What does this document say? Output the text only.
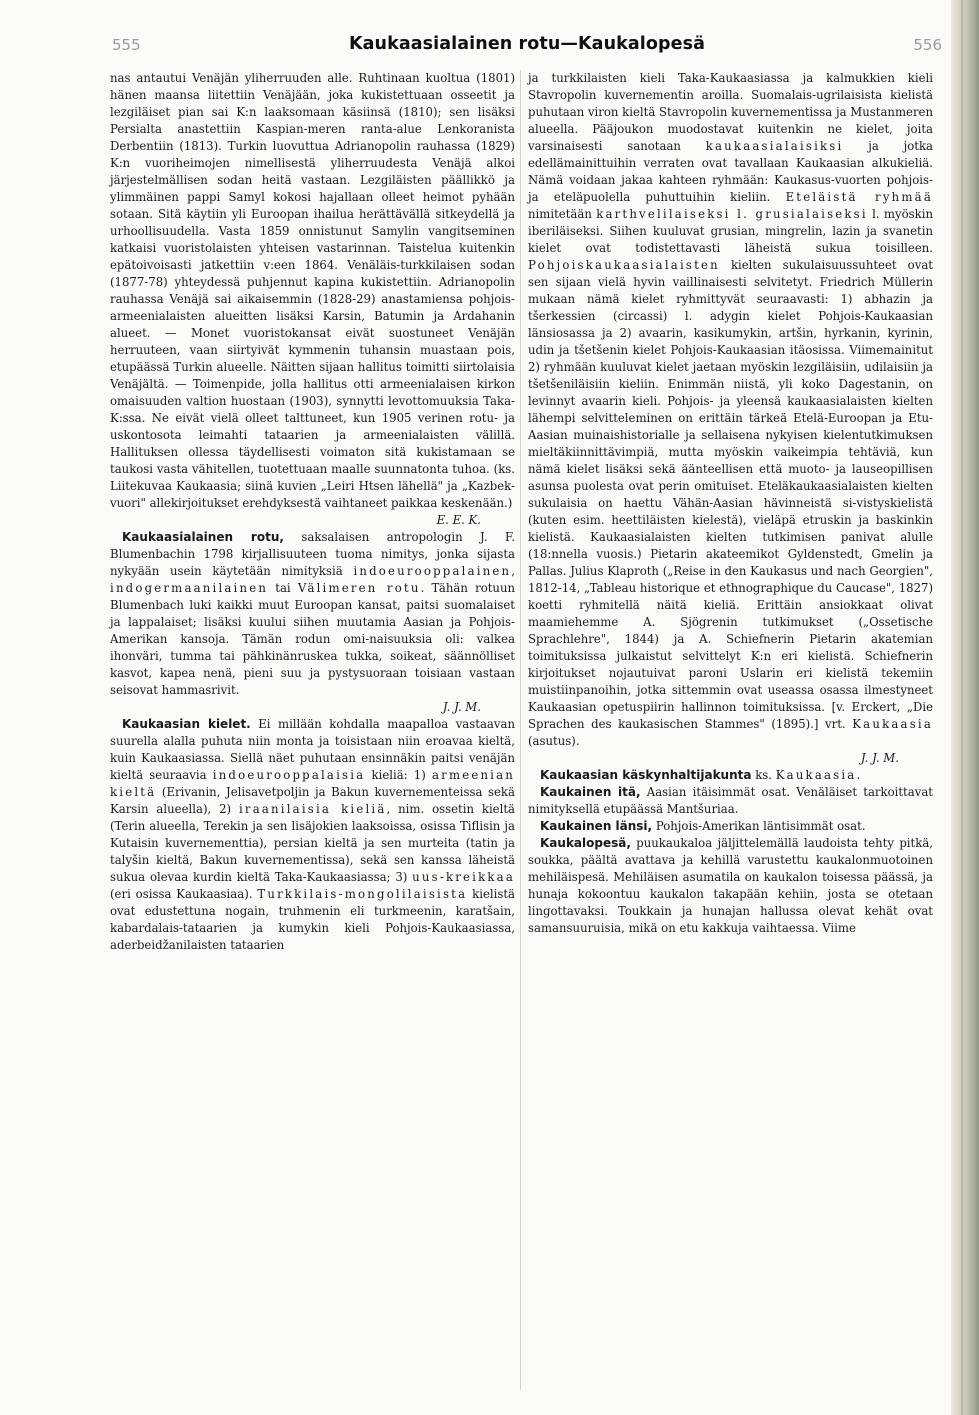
555	Kaukaasialainen rotu—Kaukalopesä	556

nas antautui Venäjän yliherruuden alle. Ruhtinaan kuoltua (1801) hänen maansa liitettiin Venäjään, joka kukistettuaan osseetit ja lezgiläiset pian sai K:n laaksomaan käsiinsä (1810); sen lisäksi Persialta anastettiin Kaspian-meren ranta-alue Lenkoranista Derbentiin (1813). Turkin luovuttua Adrianopolin rauhassa (1829) K:n vuoriheimojen nimellisestä yliherruudesta Venäjä alkoi järjestelmällisen sodan heitä vastaan. Lezgiläisten päällikkö ja ylimmäinen pappi Samyl kokosi hajallaan olleet heimot pyhään sotaan. Sitä käytiin yli Euroopan ihailua herättävällä sitkeydellä ja urhoollisuudella. Vasta 1859 onnistunut Samylin vangitseminen katkaisi vuoristolaisten yhteisen vastarinnan. Taistelua kuitenkin epätoivoisasti jatkettiin v:een 1864. Venäläis-turkkilaisen sodan (1877-78) yhteydessä puhjennut kapina kukistettiin. Adrianopolin rauhassa Venäjä sai aikaisemmin (1828-29) anastamiensa pohjois-armeenialaisten alueitten lisäksi Karsin, Batumin ja Ardahanin alueet. — Monet vuoristokansat eivät suostuneet Venäjän herruuteen, vaan siirtyivät kymmenin tuhansin muastaan pois, etupäässä Turkin alueelle. Näitten sijaan hallitus toimitti siirtolaisia Venäjältä. — Toimenpide, jolla hallitus otti armeenialaisen kirkon omaisuuden valtion huostaan (1903), synnytti levottomuuksia Taka-K:ssa. Ne eivät vielä olleet talttuneet, kun 1905 verinen rotu- ja uskontosota leimahti tataarien ja armeenialaisten välillä. Hallituksen ollessa täydellisesti voimaton sitä kukistamaan se taukosi vasta vähitellen, tuotettuaan maalle suunnatonta tuhoa. (ks. Liitekuvaa Kaukaasia; siinä kuvien „Leiri Htsen lähellä" ja „Kazbek-vuori" allekirjoitukset erehdyksestä vaihtaneet paikkaa keskenään.)

E. E. K.

Kaukaasialainen rotu, saksalaisen antropologin J. F. Blumenbachin 1798 kirjallisuuteen tuoma nimitys, jonka sijasta nykyään usein käytetään nimityksiä indoeurooppalainen, indogermaanilainen tai Välimeren rotu. Tähän rotuun Blumenbach luki kaikki muut Euroopan kansat, paitsi suomalaiset ja lappalaiset; lisäksi kuului siihen muutamia Aasian ja Pohjois-Amerikan kansoja. Tämän rodun omi-naisuuksia oli: valkea ihonväri, tumma tai pähkinänruskea tukka, soikeat, säännölliset kasvot, kapea nenä, pieni suu ja pystysuoraan toisiaan vastaan seisovat hammasrivit.

J. J. M.

Kaukaasian kielet. Ei millään kohdalla maapalloa vastaavan suurella alalla puhuta niin monta ja toisistaan niin eroavaa kieltä, kuin Kaukaasiassa. Siellä näet puhutaan ensinnäkin paitsi venäjän kieltä seuraavia indoeurooppalaisia kieliä: 1) armeenian kieltä (Erivanin, Jelisavetpoljin ja Bakun kuvernementeissa sekä Karsin alueella), 2) iraanilaisia kieliä, nim. ossetin kieltä (Terin alueella, Terekin ja sen lisäjokien laaksoissa, osissa Tiflisin ja Kutaisin kuvernementtia), persian kieltä ja sen murteita (tatin ja talyšin kieltä, Bakun kuvernementissa), sekä sen kanssa läheistä sukua olevaa kurdin kieltä Taka-Kaukaasiassa; 3) uus-kreikkaa (eri osissa Kaukaasiaa). Turkkilais-mongolilaisista kielistä ovat edustettuna nogain, truhmenin eli turkmeenin, karatšain, kabardalais-tataarien ja kumykin kieli Pohjois-Kaukaasiassa, aderbeidžanilaisten tataarien

ja turkkilaisten kieli Taka-Kaukaasiassa ja kalmukkien kieli Stavropolin kuvernementin aroilla. Suomalais-ugrilaisista kielistä puhutaan viron kieltä Stavropolin kuvernementissa ja Mustanmeren alueella. Pääjoukon muodostavat kuitenkin ne kielet, joita varsinaisesti sanotaan kaukaasialaisiksi ja jotka edellämainittuihin verraten ovat tavallaan Kaukaasian alkukieliä. Nämä voidaan jakaa kahteen ryhmään: Kaukasus-vuorten pohjois- ja eteläpuolella puhuttuihin kieliin. Eteläistä ryhmää nimitetään karthvelilaiseksi l. grusialaiseksi l. myöskin iberiläiseksi. Siihen kuuluvat grusian, mingrelin, lazin ja svanetin kielet ovat todistettavasti läheistä sukua toisilleen. Pohjoiskaukaasialaisten kielten sukulaisuussuhteet ovat sen sijaan vielä hyvin vaillinaisesti selvitetyt. Friedrich Müllerin mukaan nämä kielet ryhmittyvät seuraavasti: 1) abhazin ja tšerkessien (circassi) l. adygin kielet Pohjois-Kaukaasian länsiosassa ja 2) avaarin, kasikumykin, artšin, hyrkanin, kyrinin, udin ja tšetšenin kielet Pohjois-Kaukaasian itäosissa. Viimemainitut 2) ryhmään kuuluvat kielet jaetaan myöskin lezgiläisiin, udilaisiin ja tšetšeniläisiin kieliin. Enimmän niistä, yli koko Dagestanin, on levinnyt avaarin kieli. Pohjois- ja yleensä kaukaasialaisten kielten lähempi selvitteleminen on erittäin tärkeä Etelä-Euroopan ja Etu-Aasian muinaishistorialle ja sellaisena nykyisen kielentutkimuksen mieltäkiinnittävimpiä, mutta myöskin vaikeimpia tehtäviä, kun nämä kielet lisäksi sekä äänteellisen että muoto- ja lauseopillisen asunsa puolesta ovat perin omituiset. Eteläkaukaasialaisten kielten sukulaisia on haettu Vähän-Aasian hävinneistä si-vistyskielistä (kuten esim. heettiläisten kielestä), vieläpä etruskin ja baskinkin kielistä. Kaukaasialaisten kielten tutkimisen panivat alulle (18:nnella vuosis.) Pietarin akateemikot Gyldenstedt, Gmelin ja Pallas. Julius Klaproth („Reise in den Kaukasus und nach Georgien", 1812-14, „Tableau historique et ethnographique du Caucase", 1827) koetti ryhmitellä näitä kieliä. Erittäin ansiokkaat olivat maamiehemme A. Sjögrenin tutkimukset („Ossetische Sprachlehre", 1844) ja A. Schiefnerin Pietarin akatemian toimituksissa julkaistut selvittelyt K:n eri kielistä. Schiefnerin kirjoitukset nojautuivat paroni Uslarin eri kielistä tekemiin muistiinpanoihin, jotka sittemmin ovat useassa osassa ilmestyneet Kaukaasian opetuspiirin hallinnon toimituksissa. [v. Erckert, „Die Sprachen des kaukasischen Stammes" (1895).] vrt. Kaukaasia (asutus).

J. J. M.

Kaukaasian käskynhaltijakunta ks. Kaukaasia.

Kaukainen itä, Aasian itäisimmät osat. Venäläiset tarkoittavat nimityksellä etupäässä Mantšuriaa.

Kaukainen länsi, Pohjois-Amerikan läntisimmät osat.

Kaukalopesä, puukaukaloa jäljittelemällä laudoista tehty pitkä, soukka, päältä avattava ja kehillä varustettu kaukalonmuotoinen mehiläispesä. Mehiläisen asumatila on kaukalon toisessa päässä, ja hunaja kokoontuu kaukalon takapään kehiin, josta se otetaan lingottavaksi. Toukkain ja hunajan hallussa olevat kehät ovat samansuuruisia, mikä on etu kakkuja vaihtaessa. Viime
